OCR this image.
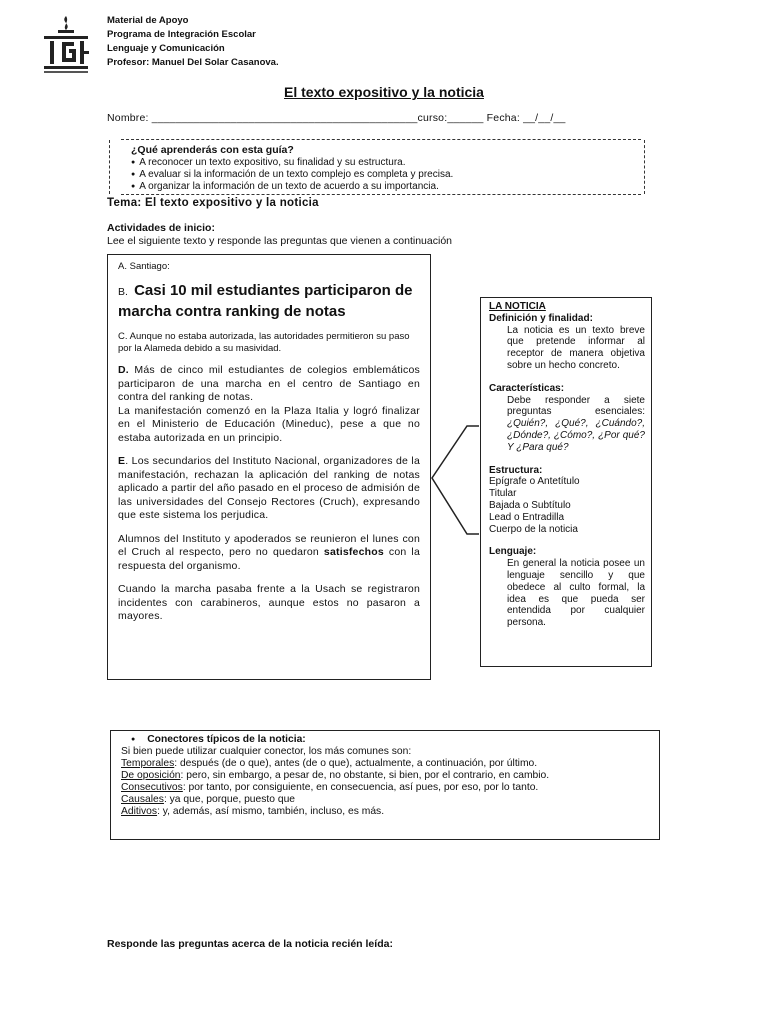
Material de Apoyo
Programa de Integración Escolar
Lenguaje y Comunicación
Profesor: Manuel Del Solar Casanova.
El texto expositivo y la noticia
Nombre: ____________________________________________curso:______ Fecha: __/__/__
¿Qué aprenderás con esta guía?
● A reconocer un texto expositivo, su finalidad y su estructura.
● A evaluar si la información de un texto complejo es completa y precisa.
● A organizar la información de un texto de acuerdo a su importancia.
Tema: El texto expositivo y la noticia
Actividades de inicio:
Lee el siguiente texto y responde las preguntas que vienen a continuación

A. Santiago:

B. Casi 10 mil estudiantes participaron de marcha contra ranking de notas

C. Aunque no estaba autorizada, las autoridades permitieron su paso por la Alameda debido a su masividad.

D. Más de cinco mil estudiantes de colegios emblemáticos participaron de una marcha en el centro de Santiago en contra del ranking de notas.
La manifestación comenzó en la Plaza Italia y logró finalizar en el Ministerio de Educación (Mineduc), pese a que no estaba autorizada en un principio.

E. Los secundarios del Instituto Nacional, organizadores de la manifestación, rechazan la aplicación del ranking de notas aplicado a partir del año pasado en el proceso de admisión de las universidades del Consejo Rectores (Cruch), expresando que este sistema los perjudica.

Alumnos del Instituto y apoderados se reunieron el lunes con el Cruch al respecto, pero no quedaron satisfechos con la respuesta del organismo.

Cuando la marcha pasaba frente a la Usach se registraron incidentes con carabineros, aunque estos no pasaron a mayores.

LA NOTICIA
Definición y finalidad:
La noticia es un texto breve que pretende informar al receptor de manera objetiva sobre un hecho concreto.
Características:
Debe responder a siete preguntas esenciales: ¿Quién?, ¿Qué?, ¿Cuándo?, ¿Dónde?, ¿Cómo?, ¿Por qué? Y ¿Para qué?
Estructura:
Epígrafe o Antetítulo
Titular
Bajada o Subtítulo
Lead o Entradilla
Cuerpo de la noticia
Lenguaje:
En general la noticia posee un lenguaje sencillo y que obedece al culto formal, la idea es que pueda ser entendida por cualquier persona.
● Conectores típicos de la noticia:
Si bien puede utilizar cualquier conector, los más comunes son:
Temporales: después (de o que), antes (de o que), actualmente, a continuación, por último.
De oposición: pero, sin embargo, a pesar de, no obstante, si bien, por el contrario, en cambio.
Consecutivos: por tanto, por consiguiente, en consecuencia, así pues, por eso, por lo tanto.
Causales: ya que, porque, puesto que
Aditivos: y, además, así mismo, también, incluso, es más.
Responde las preguntas acerca de la noticia recién leída:
